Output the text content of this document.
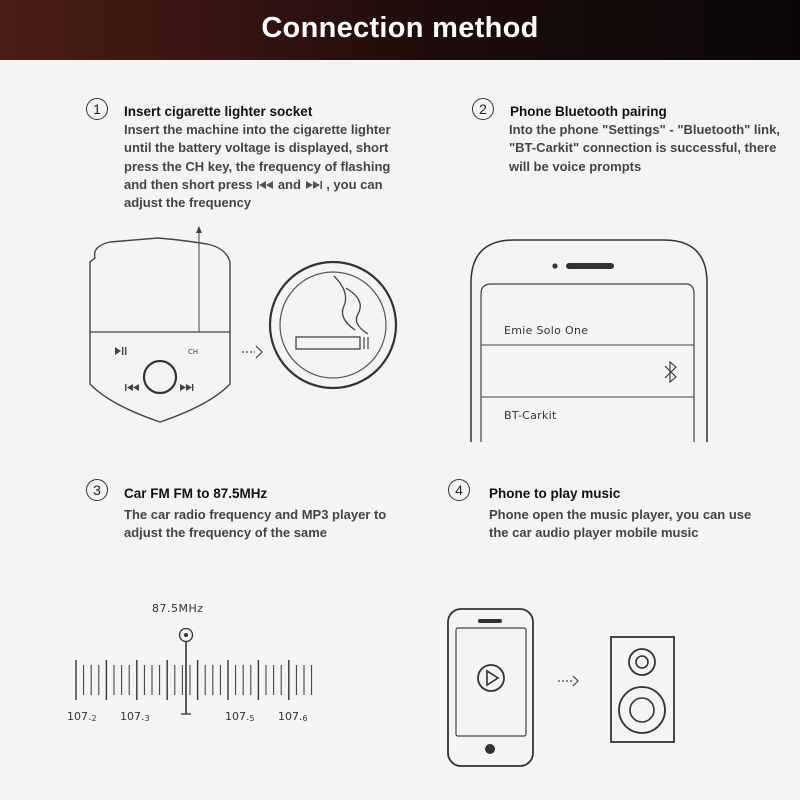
Connection method
1	Insert cigarette lighter socket
Insert the machine into the cigarette lighter
until the battery voltage is displayed, short
press the CH key, the frequency of flashing
and then short press and , you can
adjust the frequency
CH
2	Phone Bluetooth pairing
Into the phone "Settings" - "Bluetooth" link,
"BT-Carkit" connection is successful, there
will be voice prompts
Emie Solo One
BT-Carkit
3	Car FM FM to 87.5MHz
The car radio frequency and MP3 player to
adjust the frequency of the same
87.5MHz
107.2 107.3	107.5 107.6
4	Phone to play music
Phone open the music player, you can use
the car audio player mobile music
